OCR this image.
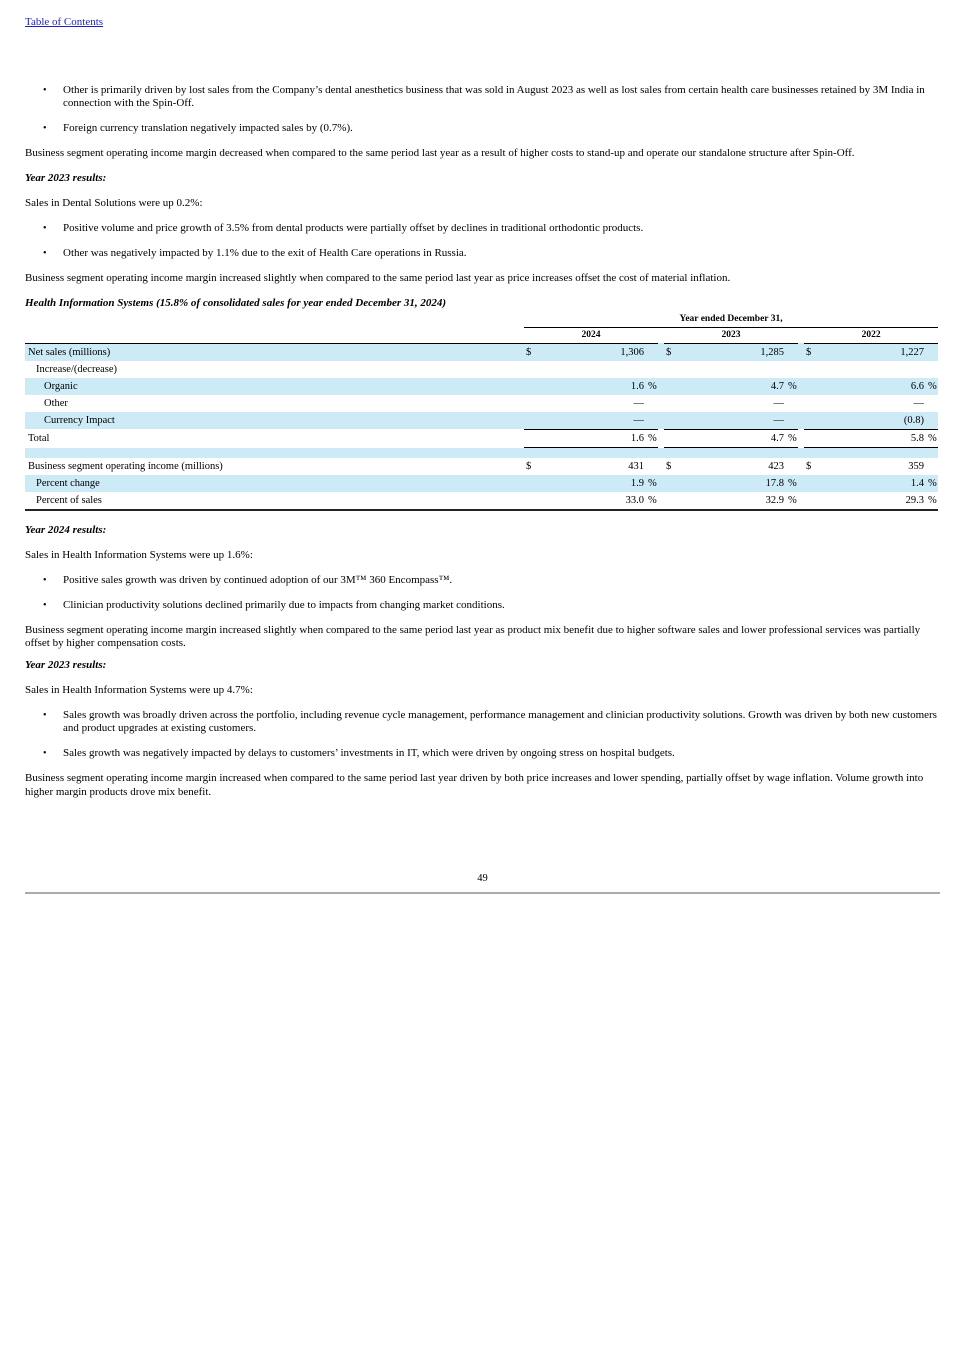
Table of Contents
•	Other is primarily driven by lost sales from the Company’s dental anesthetics business that was sold in August 2023 as well as lost sales from certain health care businesses retained by 3M India in connection with the Spin-Off.
•	Foreign currency translation negatively impacted sales by (0.7%).

Business segment operating income margin decreased when compared to the same period last year as a result of higher costs to stand-up and operate our standalone structure after Spin-Off.

Year 2023 results:

Sales in Dental Solutions were up 0.2%:

•	Positive volume and price growth of 3.5% from dental products were partially offset by declines in traditional orthodontic products.
•	Other was negatively impacted by 1.1% due to the exit of Health Care operations in Russia.

Business segment operating income margin increased slightly when compared to the same period last year as price increases offset the cost of material inflation.

Health Information Systems (15.8% of consolidated sales for year ended December 31, 2024)
	Year ended December 31,										
	2024				2023				2022		
Net sales (millions)	$	1,306			$	1,285			$	1,227	
Increase/(decrease)											
Organic		1.6	%			4.7	%			6.6	%
Other		—				—				—	
Currency Impact		—				—				(0.8)	
Total		1.6	%			4.7	%			5.8	%

Business segment operating income (millions)	$	431			$	423			$	359	
Percent change		1.9	%			17.8	%			1.4	%
Percent of sales		33.0	%			32.9	%			29.3	%
Year 2024 results:

Sales in Health Information Systems were up 1.6%:

•	Positive sales growth was driven by continued adoption of our 3M™ 360 Encompass™.
•	Clinician productivity solutions declined primarily due to impacts from changing market conditions.

Business segment operating income margin increased slightly when compared to the same period last year as product mix benefit due to higher software sales and lower professional services was partially offset by higher compensation costs.

Year 2023 results:

Sales in Health Information Systems were up 4.7%:

•	Sales growth was broadly driven across the portfolio, including revenue cycle management, performance management and clinician productivity solutions. Growth was driven by both new customers and product upgrades at existing customers.
•	Sales growth was negatively impacted by delays to customers’ investments in IT, which were driven by ongoing stress on hospital budgets.

Business segment operating income margin increased when compared to the same period last year driven by both price increases and lower spending, partially offset by wage inflation. Volume growth into higher margin products drove mix benefit.

49
